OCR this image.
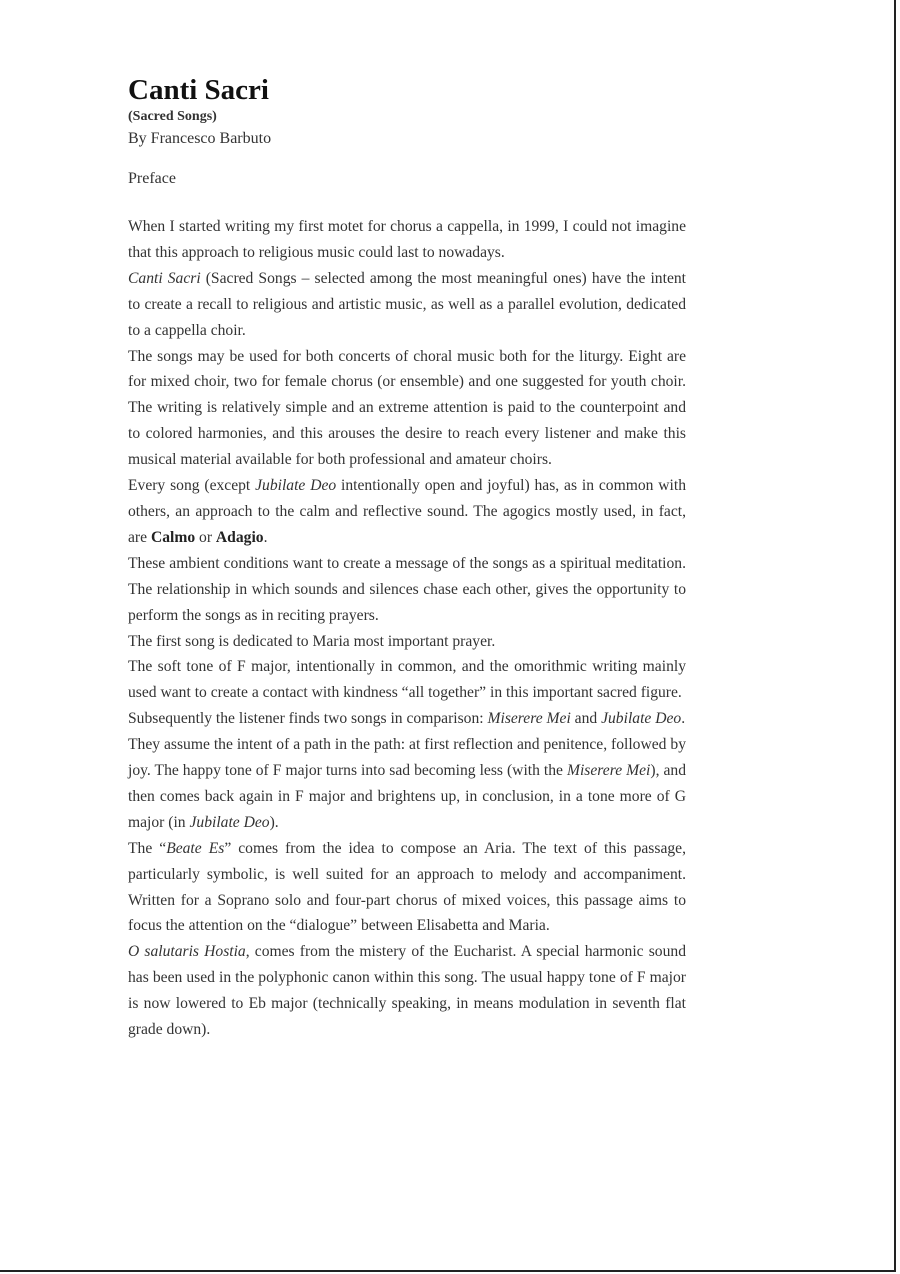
Canti Sacri
(Sacred Songs)
By Francesco Barbuto
Preface

When I started writing my first motet for chorus a cappella, in 1999, I could not imagine that this approach to religious music could last to nowadays.

Canti Sacri (Sacred Songs – selected among the most meaningful ones) have the intent to create a recall to religious and artistic music, as well as a parallel evolution, dedicated to a cappella choir.

The songs may be used for both concerts of choral music both for the liturgy. Eight are for mixed choir, two for female chorus (or ensemble) and one suggested for youth choir. The writing is relatively simple and an extreme attention is paid to the counterpoint and to colored harmonies, and this arouses the desire to reach every listener and make this musical material available for both professional and amateur choirs.

Every song (except Jubilate Deo intentionally open and joyful) has, as in common with others, an approach to the calm and reflective sound. The agogics mostly used, in fact, are Calmo or Adagio.

These ambient conditions want to create a message of the songs as a spiritual meditation. The relationship in which sounds and silences chase each other, gives the opportunity to perform the songs as in reciting prayers.

The first song is dedicated to Maria most important prayer.

The soft tone of F major, intentionally in common, and the omorithmic writing mainly used want to create a contact with kindness “all together” in this important sacred figure.

Subsequently the listener finds two songs in comparison: Miserere Mei and Jubilate Deo.

They assume the intent of a path in the path: at first reflection and penitence, followed by joy. The happy tone of F major turns into sad becoming less (with the Miserere Mei), and then comes back again in F major and brightens up, in conclusion, in a tone more of G major (in Jubilate Deo).

The “Beate Es” comes from the idea to compose an Aria. The text of this passage, particularly symbolic, is well suited for an approach to melody and accompaniment. Written for a Soprano solo and four-part chorus of mixed voices, this passage aims to focus the attention on the “dialogue” between Elisabetta and Maria.

O salutaris Hostia, comes from the mistery of the Eucharist. A special harmonic sound has been used in the polyphonic canon within this song. The usual happy tone of F major is now lowered to Eb major (technically speaking, in means modulation in seventh flat grade down).
